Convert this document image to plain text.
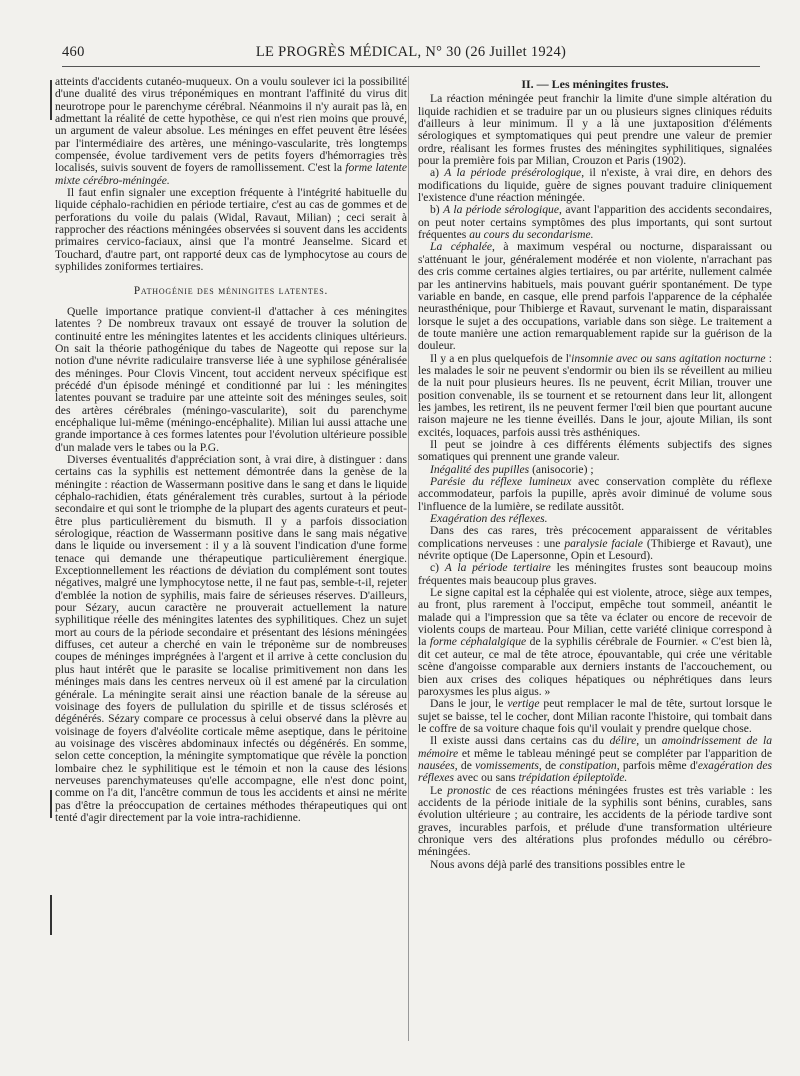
460	LE PROGRÈS MÉDICAL, N° 30 (26 Juillet 1924)

atteints d'accidents cutanéo-muqueux. On a voulu soulever ici la possibilité d'une dualité des virus tréponémiques en montrant l'affinité du virus dit neurotrope pour le parenchyme cérébral. Néanmoins il n'y aurait pas là, en admettant la réalité de cette hypothèse, ce qui n'est rien moins que prouvé, un argument de valeur absolue. Les méninges en effet peuvent être lésées par l'intermédiaire des artères, une méningo-vascularite, très longtemps compensée, évolue tardivement vers de petits foyers d'hémorragies très localisés, suivis souvent de foyers de ramollissement. C'est la forme latente mixte cérébro-méningée.

Il faut enfin signaler une exception fréquente à l'intégrité habituelle du liquide céphalo-rachidien en période tertiaire, c'est au cas de gommes et de perforations du voile du palais (Widal, Ravaut, Milian) ; ceci serait à rapprocher des réactions méningées observées si souvent dans les accidents primaires cervico-faciaux, ainsi que l'a montré Jeanselme. Sicard et Touchard, d'autre part, ont rapporté deux cas de lymphocytose au cours de syphilides zoniformes tertiaires.

Pathogénie des méningites latentes.

Quelle importance pratique convient-il d'attacher à ces méningites latentes ? De nombreux travaux ont essayé de trouver la solution de continuité entre les méningites latentes et les accidents cliniques ultérieurs. On sait la théorie pathogénique du tabes de Nageotte qui repose sur la notion d'une névrite radiculaire transverse liée à une syphilose généralisée des méninges. Pour Clovis Vincent, tout accident nerveux spécifique est précédé d'un épisode méningé et conditionné par lui : les méningites latentes pouvant se traduire par une atteinte soit des méninges seules, soit des artères cérébrales (méningo-vascularite), soit du parenchyme encéphalique lui-même (méningo-encéphalite). Milian lui aussi attache une grande importance à ces formes latentes pour l'évolution ultérieure possible d'un malade vers le tabes ou la P.G.

Diverses éventualités d'appréciation sont, à vrai dire, à distinguer : dans certains cas la syphilis est nettement démontrée dans la genèse de la méningite : réaction de Wassermann positive dans le sang et dans le liquide céphalo-rachidien, états généralement très curables, surtout à la période secondaire et qui sont le triomphe de la plupart des agents curateurs et peut-être plus particulièrement du bismuth. Il y a parfois dissociation sérologique, réaction de Wassermann positive dans le sang mais négative dans le liquide ou inversement : il y a là souvent l'indication d'une forme tenace qui demande une thérapeutique particulièrement énergique. Exceptionnellement les réactions de déviation du complément sont toutes négatives, malgré une lymphocytose nette, il ne faut pas, semble-t-il, rejeter d'emblée la notion de syphilis, mais faire de sérieuses réserves. D'ailleurs, pour Sézary, aucun caractère ne prouverait actuellement la nature syphilitique réelle des méningites latentes des syphilitiques. Chez un sujet mort au cours de la période secondaire et présentant des lésions méningées diffuses, cet auteur a cherché en vain le tréponème sur de nombreuses coupes de méninges imprégnées à l'argent et il arrive à cette conclusion du plus haut intérêt que le parasite se localise primitivement non dans les méninges mais dans les centres nerveux où il est amené par la circulation générale. La méningite serait ainsi une réaction banale de la séreuse au voisinage des foyers de pullulation du spirille et de tissus sclérosés et dégénérés. Sézary compare ce processus à celui observé dans la plèvre au voisinage de foyers d'alvéolite corticale même aseptique, dans le péritoine au voisinage des viscères abdominaux infectés ou dégénérés. En somme, selon cette conception, la méningite symptomatique que révèle la ponction lombaire chez le syphilitique est le témoin et non la cause des lésions nerveuses parenchymateuses qu'elle accompagne, elle n'est donc point, comme on l'a dit, l'ancêtre commun de tous les accidents et ainsi ne mérite pas d'être la préoccupation de certaines méthodes thérapeutiques qui ont tenté d'agir directement par la voie intra-rachidienne.

II. — Les méningites frustes.

La réaction méningée peut franchir la limite d'une simple altération du liquide rachidien et se traduire par un ou plusieurs signes cliniques réduits d'ailleurs à leur minimum. Il y a là une juxtaposition d'éléments sérologiques et symptomatiques qui peut prendre une valeur de premier ordre, réalisant les formes frustes des méningites syphilitiques, signalées pour la première fois par Milian, Crouzon et Paris (1902).

a) A la période présérologique, il n'existe, à vrai dire, en dehors des modifications du liquide, guère de signes pouvant traduire cliniquement l'existence d'une réaction méningée.

b) A la période sérologique, avant l'apparition des accidents secondaires, on peut noter certains symptômes des plus importants, qui sont surtout fréquentes au cours du secondarisme.

La céphalée, à maximum vespéral ou nocturne, disparaissant ou s'atténuant le jour, généralement modérée et non violente, n'arrachant pas des cris comme certaines algies tertiaires, ou par artérite, nullement calmée par les antinervins habituels, mais pouvant guérir spontanément. De type variable en bande, en casque, elle prend parfois l'apparence de la céphalée neurasthénique, pour Thibierge et Ravaut, survenant le matin, disparaissant lorsque le sujet a des occupations, variable dans son siège. Le traitement a de toute manière une action remarquablement rapide sur la guérison de la douleur.

Il y a en plus quelquefois de l'insomnie avec ou sans agitation nocturne : les malades le soir ne peuvent s'endormir ou bien ils se réveillent au milieu de la nuit pour plusieurs heures. Ils ne peuvent, écrit Milian, trouver une position convenable, ils se tournent et se retournent dans leur lit, allongent les jambes, les retirent, ils ne peuvent fermer l'œil bien que pourtant aucune raison majeure ne les tienne éveillés. Dans le jour, ajoute Milian, ils sont excités, loquaces, parfois aussi très asthéniques.

Il peut se joindre à ces différents éléments subjectifs des signes somatiques qui prennent une grande valeur.

Inégalité des pupilles (anisocorie) ;

Parésie du réflexe lumineux avec conservation complète du réflexe accommodateur, parfois la pupille, après avoir diminué de volume sous l'influence de la lumière, se redilate aussitôt.

Exagération des réflexes.

Dans des cas rares, très précocement apparaissent de véritables complications nerveuses : une paralysie faciale (Thibierge et Ravaut), une névrite optique (De Lapersonne, Opin et Lesourd).

c) A la période tertiaire les méningites frustes sont beaucoup moins fréquentes mais beaucoup plus graves.

Le signe capital est la céphalée qui est violente, atroce, siège aux tempes, au front, plus rarement à l'occiput, empêche tout sommeil, anéantit le malade qui a l'impression que sa tête va éclater ou encore de recevoir de violents coups de marteau. Pour Milian, cette variété clinique correspond à la forme céphalalgique de la syphilis cérébrale de Fournier. « C'est bien là, dit cet auteur, ce mal de tête atroce, épouvantable, qui crée une véritable scène d'angoisse comparable aux derniers instants de l'accouchement, ou bien aux crises des coliques hépatiques ou néphrétiques dans leurs paroxysmes les plus aigus. »

Dans le jour, le vertige peut remplacer le mal de tête, surtout lorsque le sujet se baisse, tel le cocher, dont Milian raconte l'histoire, qui tombait dans le coffre de sa voiture chaque fois qu'il voulait y prendre quelque chose.

Il existe aussi dans certains cas du délire, un amoindrissement de la mémoire et même le tableau méningé peut se compléter par l'apparition de nausées, de vomissements, de constipation, parfois même d'exagération des réflexes avec ou sans trépidation épileptoïde.

Le pronostic de ces réactions méningées frustes est très variable : les accidents de la période initiale de la syphilis sont bénins, curables, sans évolution ultérieure ; au contraire, les accidents de la période tardive sont graves, incurables parfois, et prélude d'une transformation ultérieure chronique vers des altérations plus profondes médullo ou cérébro-méningées.

Nous avons déjà parlé des transitions possibles entre le
